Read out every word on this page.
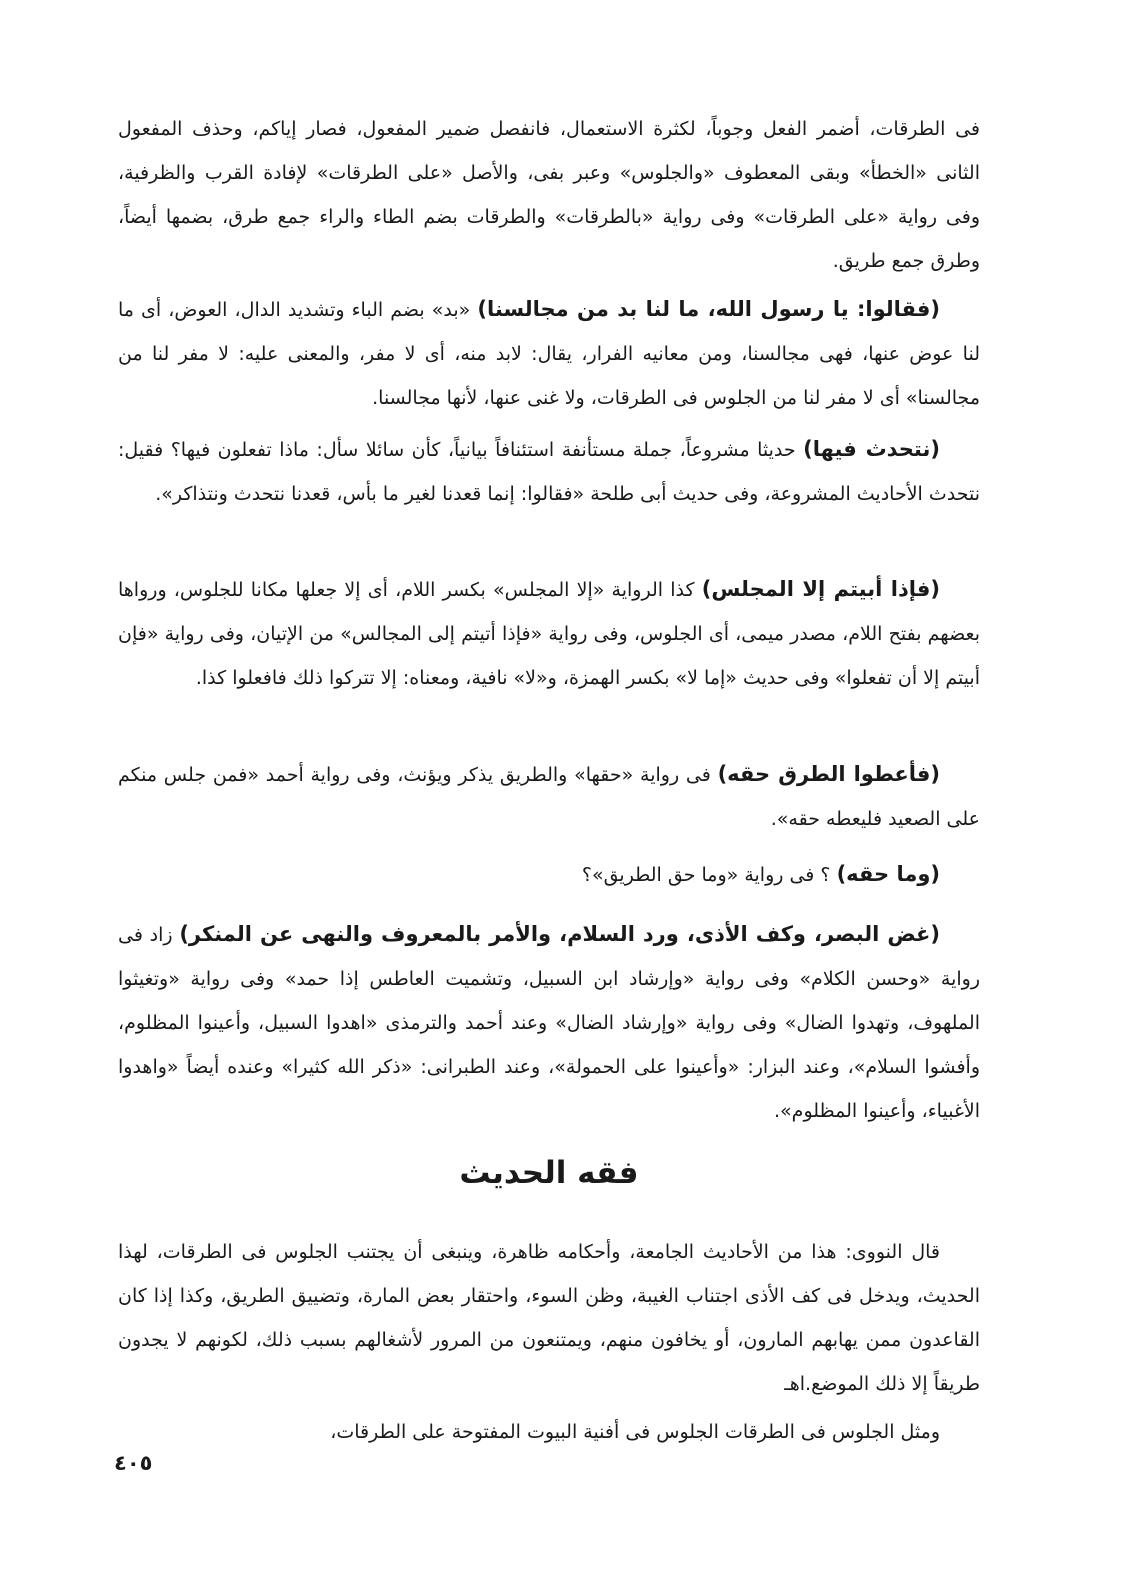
فى الطرقات، أضمر الفعل وجوباً، لكثرة الاستعمال، فانفصل ضمير المفعول، فصار إياكم، وحذف المفعول الثانى «الخطأ» وبقى المعطوف «والجلوس» وعبر بفى، والأصل «على الطرقات» لإفادة القرب والظرفية، وفى رواية «على الطرقات» وفى رواية «بالطرقات» والطرقات بضم الطاء والراء جمع طرق، بضمها أيضاً، وطرق جمع طريق.

(فقالوا: يا رسول الله، ما لنا بد من مجالسنا) «بد» بضم الباء وتشديد الدال، العوض، أى ما لنا عوض عنها، فهى مجالسنا، ومن معانيه الفرار، يقال: لابد منه، أى لا مفر، والمعنى عليه: لا مفر لنا من مجالسنا» أى لا مفر لنا من الجلوس فى الطرقات، ولا غنى عنها، لأنها مجالسنا.

(نتحدث فيها) حديثا مشروعاً، جملة مستأنفة استئنافاً بيانياً، كأن سائلا سأل: ماذا تفعلون فيها؟ فقيل: نتحدث الأحاديث المشروعة، وفى حديث أبى طلحة «فقالوا: إنما قعدنا لغير ما بأس، قعدنا نتحدث ونتذاكر».

(فإذا أبيتم إلا المجلس) كذا الرواية «إلا المجلس» بكسر اللام، أى إلا جعلها مكانا للجلوس، ورواها بعضهم بفتح اللام، مصدر ميمى، أى الجلوس، وفى رواية «فإذا أتيتم إلى المجالس» من الإتيان، وفى رواية «فإن أبيتم إلا أن تفعلوا» وفى حديث «إما لا» بكسر الهمزة، و«لا» نافية، ومعناه: إلا تتركوا ذلك فافعلوا كذا.

(فأعطوا الطرق حقه) فى رواية «حقها» والطريق يذكر ويؤنث، وفى رواية أحمد «فمن جلس منكم على الصعيد فليعطه حقه».

(وما حقه) ؟ فى رواية «وما حق الطريق»؟

(غض البصر، وكف الأذى، ورد السلام، والأمر بالمعروف والنهى عن المنكر) زاد فى رواية «وحسن الكلام» وفى رواية «وإرشاد ابن السبيل، وتشميت العاطس إذا حمد» وفى رواية «وتغيثوا الملهوف، وتهدوا الضال» وفى رواية «وإرشاد الضال» وعند أحمد والترمذى «اهدوا السبيل، وأعينوا المظلوم، وأفشوا السلام»، وعند البزار: «وأعينوا على الحمولة»، وعند الطبرانى: «ذكر الله كثيرا» وعنده أيضاً «واهدوا الأغبياء، وأعينوا المظلوم».

فقه الحديث

قال النووى: هذا من الأحاديث الجامعة، وأحكامه ظاهرة، وينبغى أن يجتنب الجلوس فى الطرقات، لهذا الحديث، ويدخل فى كف الأذى اجتناب الغيبة، وظن السوء، واحتقار بعض المارة، وتضييق الطريق، وكذا إذا كان القاعدون ممن يهابهم المارون، أو يخافون منهم، ويمتنعون من المرور لأشغالهم بسبب ذلك، لكونهم لا يجدون طريقاً إلا ذلك الموضع.اهـ

ومثل الجلوس فى الطرقات الجلوس فى أفنية البيوت المفتوحة على الطرقات،

٤٠٥
